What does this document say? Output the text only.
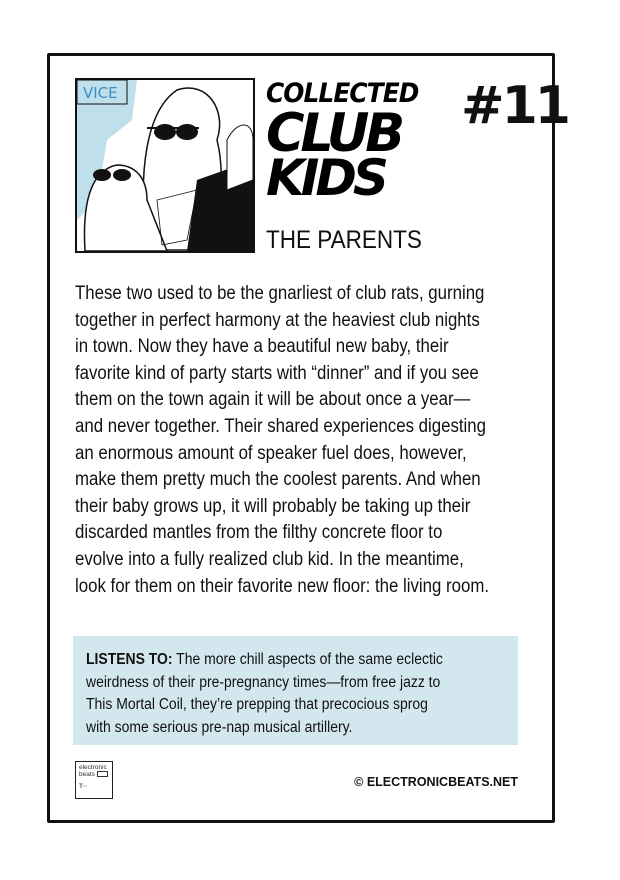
VICE	COLLECTED
CLUB
KIDS
#11
THE PARENTS
These two used to be the gnarliest of club rats, gurning
together in perfect harmony at the heaviest club nights
in town. Now they have a beautiful new baby, their
favorite kind of party starts with “dinner” and if you see
them on the town again it will be about once a year—
and never together. Their shared experiences digesting
an enormous amount of speaker fuel does, however,
make them pretty much the coolest parents. And when
their baby grows up, it will probably be taking up their
discarded mantles from the filthy concrete floor to
evolve into a fully realized club kid. In the meantime,
look for them on their favorite new floor: the living room.
LISTENS TO: The more chill aspects of the same eclectic
weirdness of their pre-pregnancy times—from free jazz to
This Mortal Coil, they’re prepping that precocious sprog
with some serious pre-nap musical artillery.
electronic
beats
T··	© ELECTRONICBEATS.NET
